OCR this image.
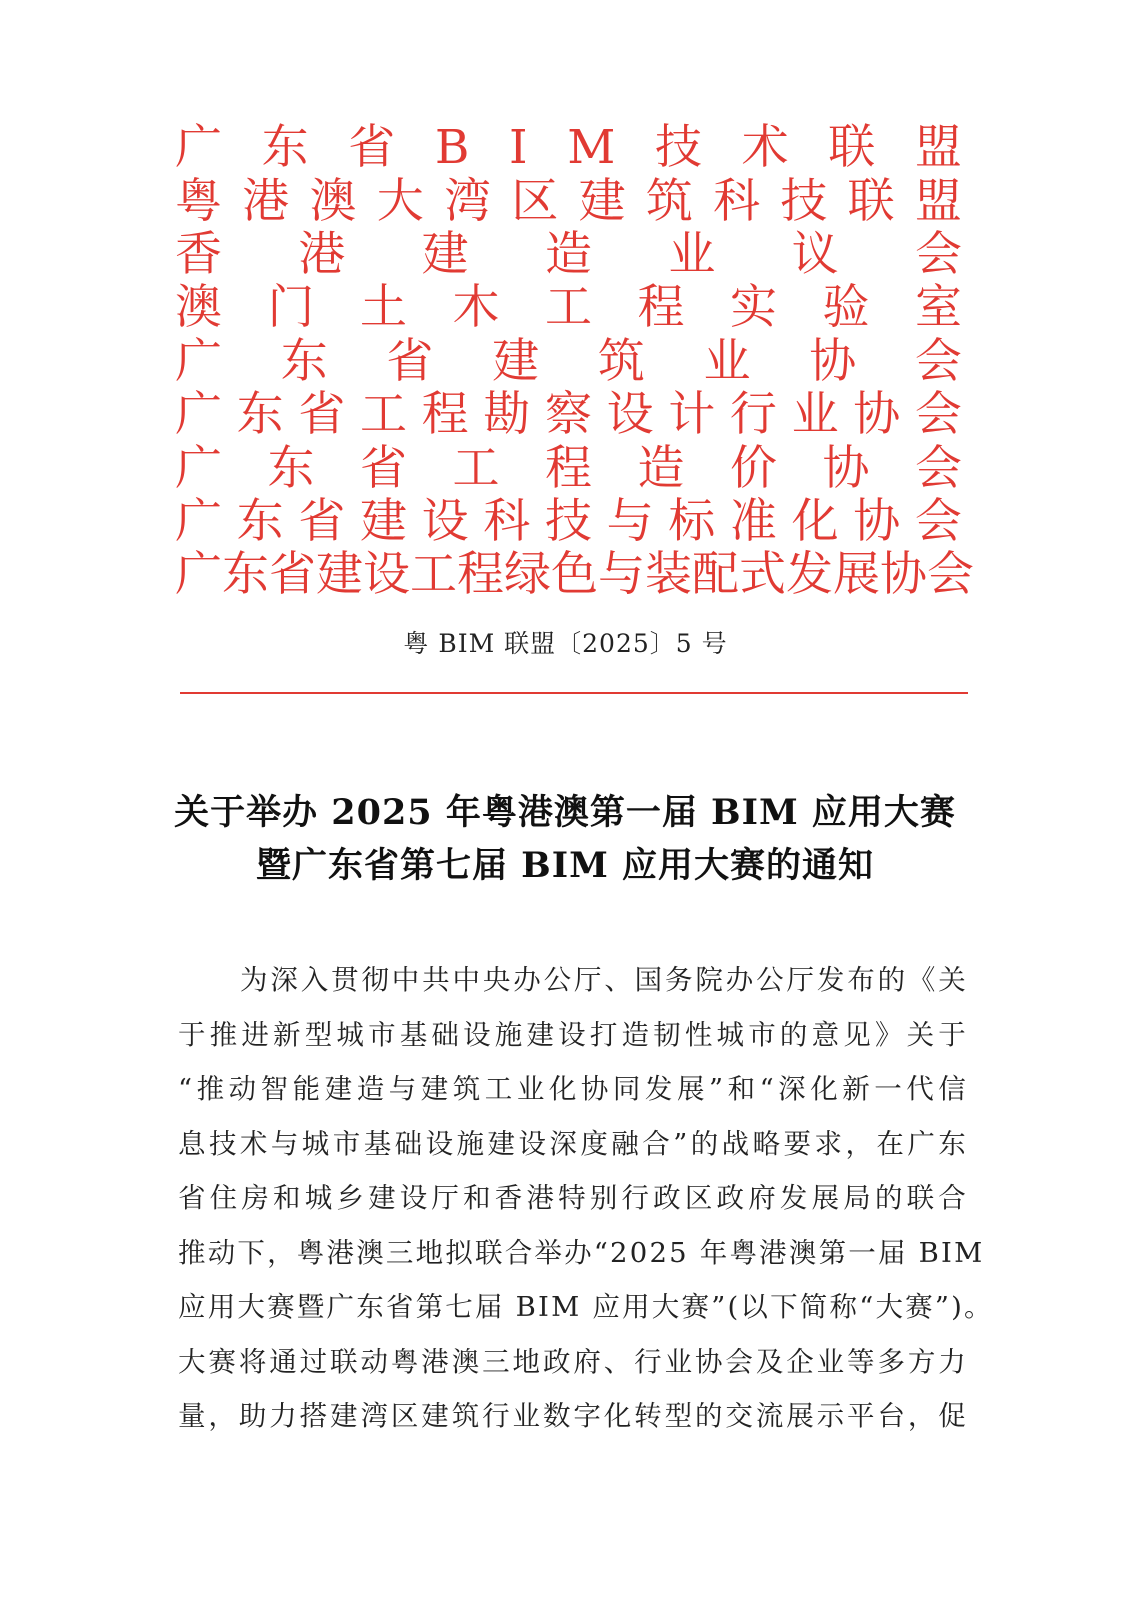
广 东 省 B I M 技 术 联 盟
粤 港 澳 大 湾 区 建 筑 科 技 联 盟
香 港 建 造 业 议 会
澳 门 土 木 工 程 实 验 室
广 东 省 建 筑 业 协 会
广 东 省 工 程 勘 察 设 计 行 业 协 会
广 东 省 工 程 造 价 协 会
广 东 省 建 设 科 技 与 标 准 化 协 会
广 东 省 建 设 工 程 绿 色 与 装 配 式 发 展 协 会
粤 BIM 联盟〔2025〕5 号
关于举办 2025 年粤港澳第一届 BIM 应用大赛
暨广东省第七届 BIM 应用大赛的通知
为深入贯彻中共中央办公厅、国务院办公厅发布的《关
于推进新型城市基础设施建设打造韧性城市的意见》关于
“推动智能建造与建筑工业化协同发展”和“深化新一代信
息技术与城市基础设施建设深度融合”的战略要求，在广东
省住房和城乡建设厅和香港特别行政区政府发展局的联合
推动下，粤港澳三地拟联合举办“2025 年粤港澳第一届 BIM
应用大赛暨广东省第七届 BIM 应用大赛”(以下简称“大赛”)。
大赛将通过联动粤港澳三地政府、行业协会及企业等多方力
量，助力搭建湾区建筑行业数字化转型的交流展示平台，促
